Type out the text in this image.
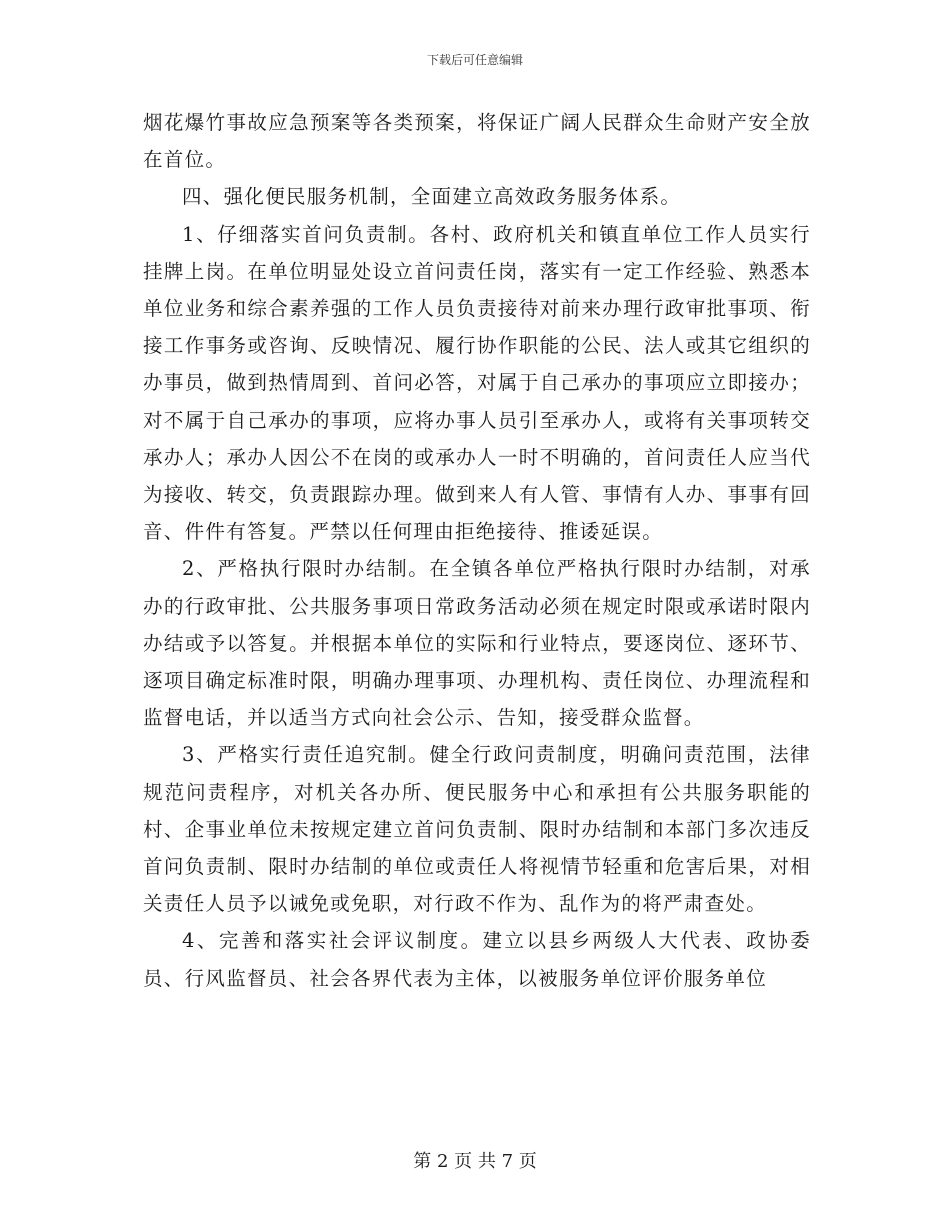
下载后可任意编辑

烟花爆竹事故应急预案等各类预案，将保证广阔人民群众生命财产安全放在首位。

四、强化便民服务机制，全面建立高效政务服务体系。

1、仔细落实首问负责制。各村、政府机关和镇直单位工作人员实行挂牌上岗。在单位明显处设立首问责任岗，落实有一定工作经验、熟悉本单位业务和综合素养强的工作人员负责接待对前来办理行政审批事项、衔接工作事务或咨询、反映情况、履行协作职能的公民、法人或其它组织的办事员，做到热情周到、首问必答，对属于自己承办的事项应立即接办；对不属于自己承办的事项，应将办事人员引至承办人，或将有关事项转交承办人；承办人因公不在岗的或承办人一时不明确的，首问责任人应当代为接收、转交，负责跟踪办理。做到来人有人管、事情有人办、事事有回音、件件有答复。严禁以任何理由拒绝接待、推诿延误。

2、严格执行限时办结制。在全镇各单位严格执行限时办结制，对承办的行政审批、公共服务事项日常政务活动必须在规定时限或承诺时限内办结或予以答复。并根据本单位的实际和行业特点，要逐岗位、逐环节、逐项目确定标准时限，明确办理事项、办理机构、责任岗位、办理流程和监督电话，并以适当方式向社会公示、告知，接受群众监督。

3、严格实行责任追究制。健全行政问责制度，明确问责范围，法律规范问责程序，对机关各办所、便民服务中心和承担有公共服务职能的村、企事业单位未按规定建立首问负责制、限时办结制和本部门多次违反首问负责制、限时办结制的单位或责任人将视情节轻重和危害后果，对相关责任人员予以诫免或免职，对行政不作为、乱作为的将严肃查处。

4、完善和落实社会评议制度。建立以县乡两级人大代表、政协委员、行风监督员、社会各界代表为主体，以被服务单位评价服务单位

第 2 页 共 7 页
